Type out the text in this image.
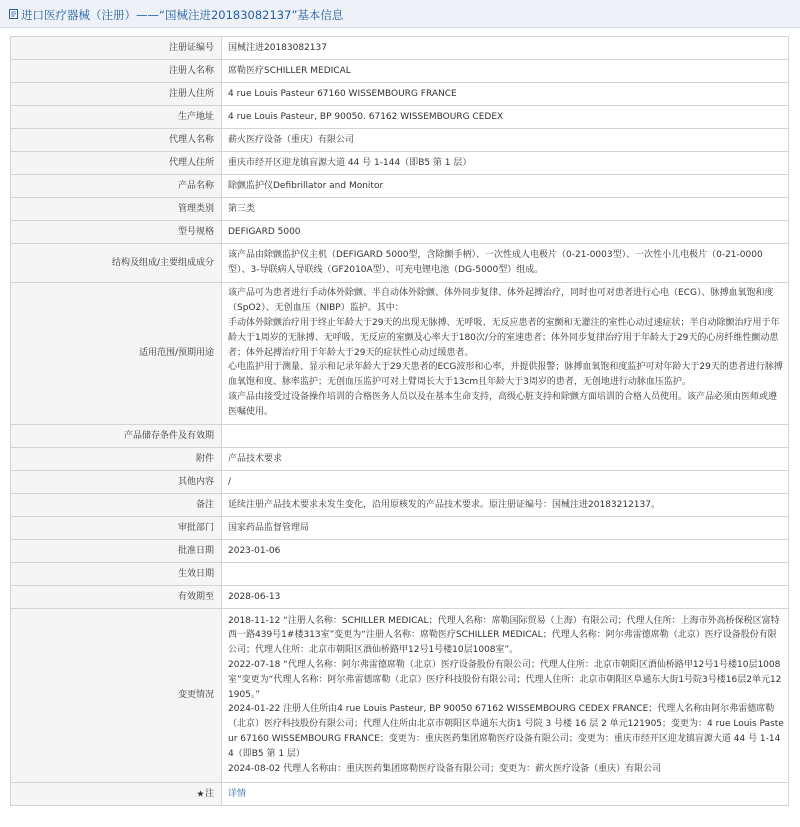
进口医疗器械（注册）——“国械注进20183082137”基本信息
注册证编号	国械注进20183082137
注册人名称	席勒医疗SCHILLER MEDICAL
注册人住所	4 rue Louis Pasteur 67160 WISSEMBOURG FRANCE
生产地址	4 rue Louis Pasteur, BP 90050. 67162 WISSEMBOURG CEDEX
代理人名称	薪火医疗设备（重庆）有限公司
代理人住所	重庆市经开区迎龙镇盲源大道 44 号 1-144（即B5 第 1 层）
产品名称	除颤监护仪Defibrillator and Monitor
管理类别	第三类
型号规格	DEFIGARD 5000
结构及组成/主要组成成分	该产品由除颤监护仪主机（DEFIGARD 5000型，含除颤手柄）、一次性成人电极片（0-21-0003型）、一次性小儿电极片（0-21-0000型）、3-导联病人导联线（GF2010A型）、可充电锂电池（DG-5000型）组成。
适用范围/预期用途	该产品可为患者进行手动体外除颤、半自动体外除颤、体外同步复律、体外起搏治疗，同时也可对患者进行心电（ECG）、脉搏血氧饱和度（SpO2）、无创血压（NIBP）监护。其中：
手动体外除颤治疗用于终止年龄大于29天的出现无脉搏、无呼吸、无反应患者的室颤和无灌注的室性心动过速症状；半自动除颤治疗用于年龄大于1周岁的无脉搏、无呼吸、无反应的室颤及心率大于180次/分的室速患者；体外同步复律治疗用于年龄大于29天的心房纤维性颤动患者；体外起搏治疗用于年龄大于29天的症状性心动过缓患者。
心电监护用于测量、显示和记录年龄大于29天患者的ECG波形和心率，并提供报警；脉搏血氧饱和度监护可对年龄大于29天的患者进行脉搏血氧饱和度、脉率监护；无创血压监护可对上臂周长大于13cm且年龄大于3周岁的患者，无创地进行动脉血压监护。
该产品由接受过设备操作培训的合格医务人员以及在基本生命支持，高级心脏支持和除颤方面培训的合格人员使用。该产品必须由医师或遵医嘱使用。

产品储存条件及有效期	
附件	产品技术要求
其他内容	/
备注	延续注册产品技术要求未发生变化，沿用原核发的产品技术要求。原注册证编号：国械注进20183212137。
审批部门	国家药品监督管理局
批准日期	2023-01-06
生效日期	
有效期至	2028-06-13
变更情况	2018-11-12 “注册人名称：SCHILLER MEDICAL；代理人名称：席勒国际贸易（上海）有限公司；代理人住所：上海市外高桥保税区富特西一路439号1#楼313室”变更为“注册人名称：席勒医疗SCHILLER MEDICAL；代理人名称：阿尔弗雷德席勒（北京）医疗设备股份有限公司；代理人住所：北京市朝阳区酒仙桥路甲12号1号楼10层1008室”。
2022-07-18 “代理人名称：阿尔弗雷德席勒（北京）医疗设备股份有限公司；代理人住所：北京市朝阳区酒仙桥路甲12号1号楼10层1008室”变更为“代理人名称：阿尔弗雷德席勒（北京）医疗科技股份有限公司；代理人住所：北京市朝阳区阜通东大街1号院3号楼16层2单元121905。”
2024-01-22 注册人住所由4 rue Louis Pasteur, BP 90050 67162 WISSEMBOURG CEDEX FRANCE；代理人名称由阿尔弗雷德席勒（北京）医疗科技股份有限公司；代理人住所由北京市朝阳区阜通东大街1 号院 3 号楼 16 层 2 单元121905；变更为：4 rue Louis Pasteur 67160 WISSEMBOURG FRANCE；变更为：重庆医药集团席勒医疗设备有限公司；变更为：重庆市经开区迎龙镇盲源大道 44 号 1-144（即B5 第 1 层）
2024-08-02 代理人名称由：重庆医药集团席勒医疗设备有限公司；变更为：薪火医疗设备（重庆）有限公司

注	详情
